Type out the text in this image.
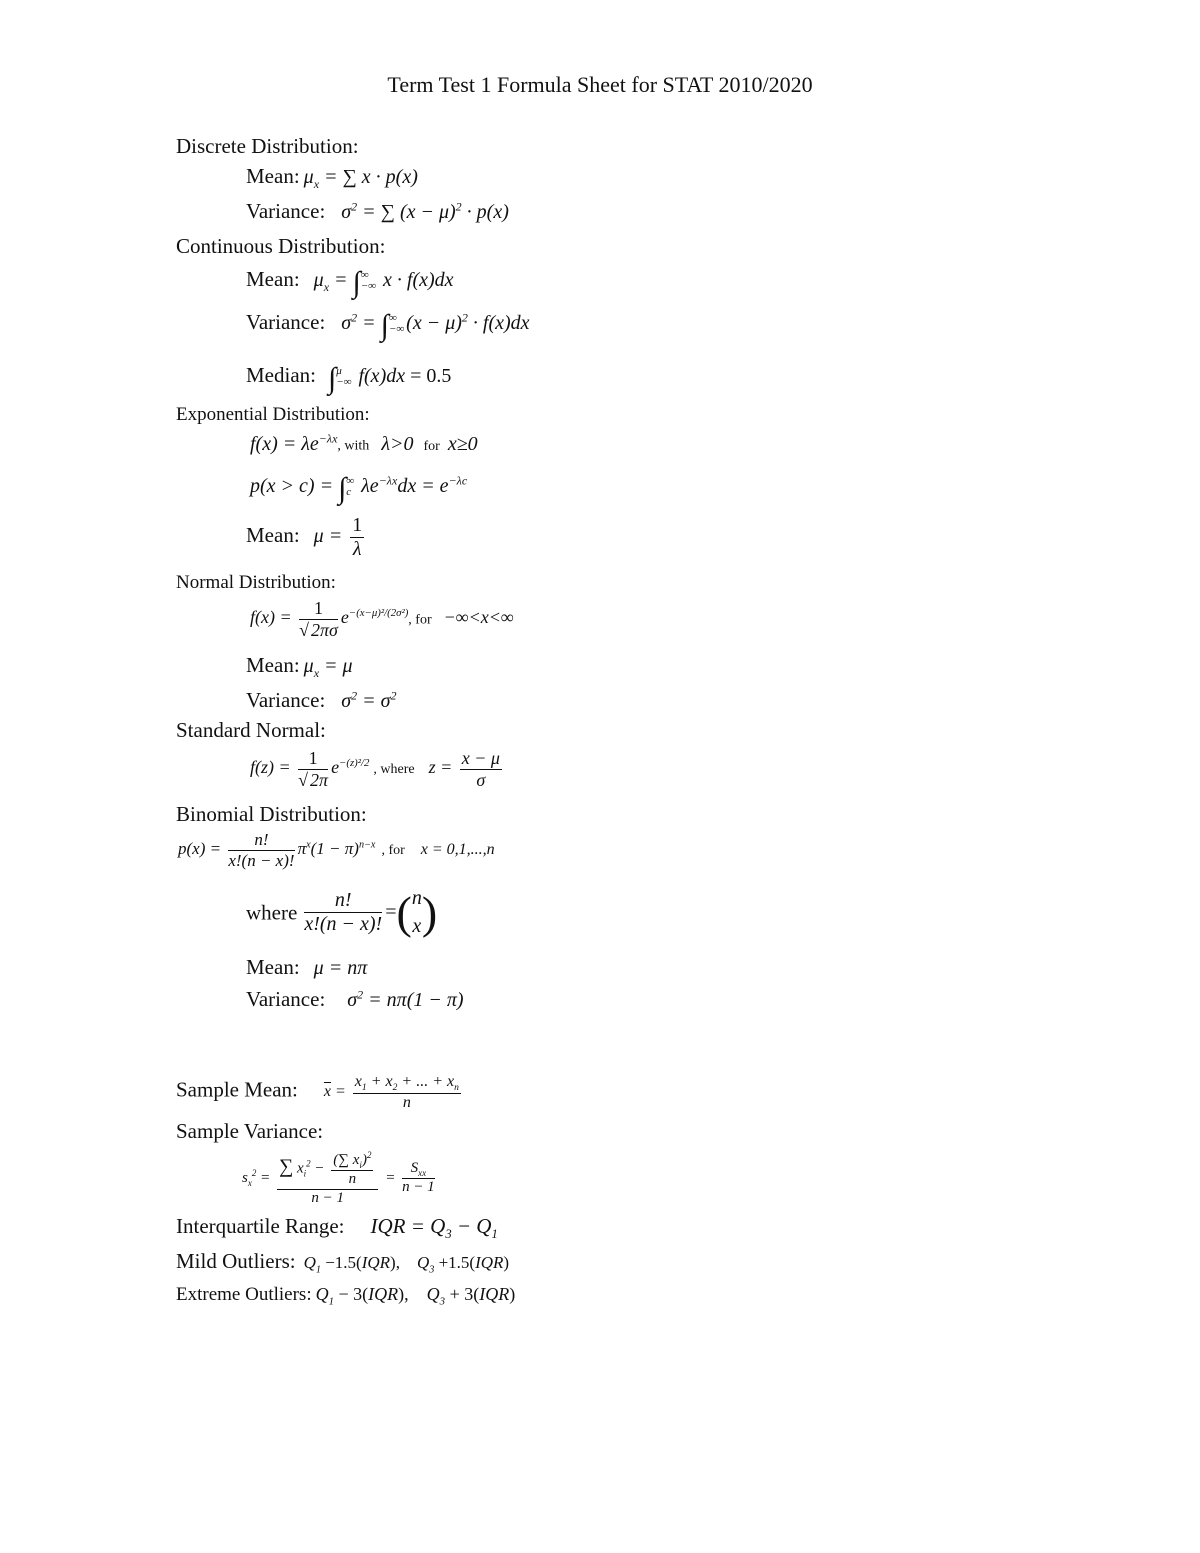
Term Test 1 Formula Sheet for STAT 2010/2020
Discrete Distribution:
Mean: $\mu_x$ = ∑ x · p(x)
Variance: $\sigma^2$ = ∑ $(x - \mu)^2 \cdot p(x)$
Continuous Distribution:
Mean: $\mu_x$ = ∫∞
−∞ x · f(x)dx
Variance: $\sigma^2$ = ∫∞
−∞ $(x - \mu)^2 \cdot f(x)dx$
Median: ∫μ
−∞ f(x)dx = 0.5
Exponential Distribution:
$f(x) = \lambda e^{-\lambda x}$, with λ>0 for x≥0
p(x > c) = ∫∞
c $\lambda e^{-\lambda x}dx = e^{-\lambda c}$
Mean: $\mu = \frac{1}{\lambda}$
Normal Distribution:
$f(x) = \frac{1}{√ 2\pi\sigma} e^{-(x-\mu)^2/(2\sigma^2)}$, for −∞<x<∞
Mean: $\mu_x = \mu$
Variance: $\sigma^2 = \sigma^2$
Standard Normal:
$f(z) = \frac{1}{√ 2\pi} e^{-(z)^2/2}$ , where $z = \frac{x - \mu}{\sigma}$
Binomial Distribution:
$p(x) = \frac{n!}{x!(n - x)!} \pi^x(1 - \pi)^{n-x}$ , for x = 0,1,...,n
where $\frac{n!}{x!(n - x)!}$ =( n
x )
Mean: μ = nπ
Variance: $\sigma^2 = n\pi(1 - \pi)$
Sample Mean: $\overline{x} = \frac{x_1 + x_2 + ... + x_n}{n}$
Sample Variance:
$s_x^2 = \frac{\sum x_i^2 - \frac{(\sum x_i)^2}{n}}{n - 1} = \frac{S_{xx}}{n - 1}$
Interquartile Range: IQR = $Q_3 - Q_1$
Mild Outliers: $Q_1 -1.5(IQR)$,    $Q_3 +1.5(IQR)$
Extreme Outliers: $Q_1 - 3(IQR)$,    $Q_3 + 3(IQR)$
